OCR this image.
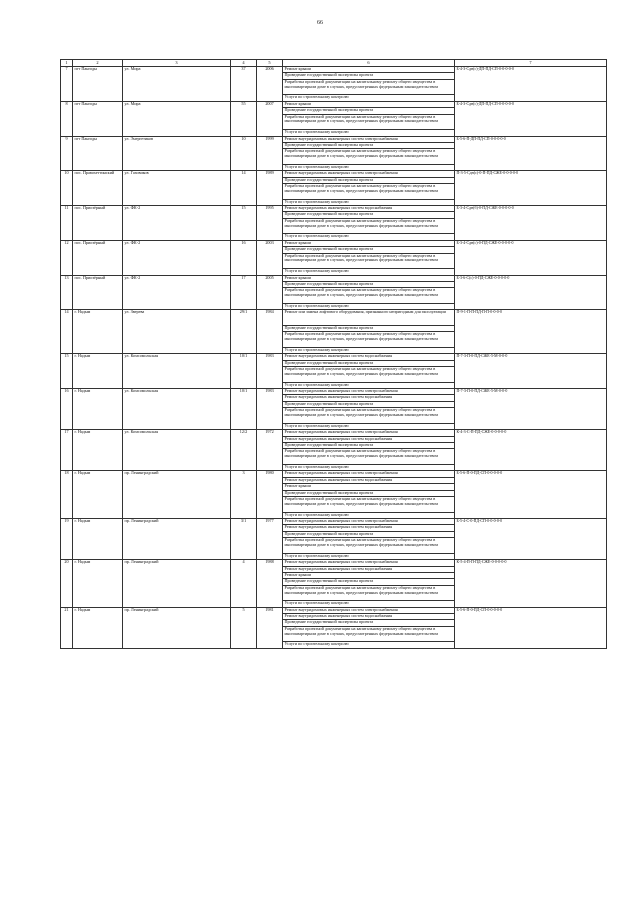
66
1	2	3	4	5	6	7
7	пгт Пангоды	ул. Мира	37	2006	Ремонт крыши	Б-4-3-Сдн(с)-ДП-ПД-СП-0-0-0-0-0
					Проведение государственной экспертизы проекта	
					Разработка проектной документации на капитальному ремонту общего имущества в многоквартирном доме в случаях, предусмотренных федеральным законодательством	
					Услуги по строительному контролю	
8	пгт Пангоды	ул. Мира	55	2007	Ремонт крыши	Б-4-3-Сдн(с)-ДП-ПД-СП-0-0-0-0-0
					Проведение государственной экспертизы проекта	
					Разработка проектной документации на капитальному ремонту общего имущества в многоквартирном доме в случаях, предусмотренных федеральным законодательством	
					Услуги по строительному контролю	
9	пгт Пангоды	ул. Энергетиков	10	1999	Ремонт внутридомовых инженерных систем электроснабжения	Б-5-6-П-ДП-ПД-СП-0-0-0-0-0
					Проведение государственной экспертизы проекта	
					Разработка проектной документации на капитальному ремонту общего имущества в многоквартирном доме в случаях, предусмотренных федеральным законодательством	
					Услуги по строительному контролю	
10	пос. Правохеттинский	ул. Газовиков	14	1989	Ремонт внутридомовых инженерных систем электроснабжения	П-3-5-Сдн(с)-0-П-ПД-СЖЕ-0-0-0-0-0
					Проведение государственной экспертизы проекта	
					Разработка проектной документации на капитальному ремонту общего имущества в многоквартирном доме в случаях, предусмотренных федеральным законодательством	
					Услуги по строительному контролю	
11	пос. Приозёрный	ул. ФК-2	15	1995	Ремонт внутридомовых инженерных систем водоснабжения	Б-3-4-Сдн(б)-0-ПД-СЖЕ-0-0-0-0-0
					Проведение государственной экспертизы проекта	
					Разработка проектной документации на капитальному ремонту общего имущества в многоквартирном доме в случаях, предусмотренных федеральным законодательством	
					Услуги по строительному контролю	
12	пос. Приозёрный	ул. ФК-2	16	2003	Ремонт крыши	Б-3-4-Сдн(с)-0-ПД-СЖЕ-0-0-0-0-0
					Проведение государственной экспертизы проекта	
					Разработка проектной документации на капитальному ремонту общего имущества в многоквартирном доме в случаях, предусмотренных федеральным законодательством	
					Услуги по строительному контролю	
13	пос. Приозёрный	ул. ФК-2	17	2005	Ремонт крыши	Б-3-6-С(с)-0-ПД-СЖЕ-0-0-0-0-0
					Проведение государственной экспертизы проекта	
					Разработка проектной документации на капитальному ремонту общего имущества в многоквартирном доме в случаях, предусмотренных федеральным законодательством	
					Услуги по строительному контролю	
14	г. Надым	ул. Зверева	29/1	1984	Ремонт или замена лифтового оборудования, признанного непригодным для эксплуатации	П-9-1-П-П-ПД-П-П-0-0-0-0
					Проведение государственной экспертизы проекта	
					Разработка проектной документации на капитальному ремонту общего имущества в многоквартирном доме в случаях, предусмотренных федеральным законодательством	
					Услуги по строительному контролю	
15	г. Надым	ул. Комсомольская	10/1	1983	Ремонт внутридомовых инженерных систем водоснабжения	П-7-3-П-0-ПД-СЖЕ-5-М-0-0-0
					Проведение государственной экспертизы проекта	
					Разработка проектной документации на капитальному ремонту общего имущества в многоквартирном доме в случаях, предусмотренных федеральным законодательством	
					Услуги по строительному контролю	
16	г. Надым	ул. Комсомольская	10/1	1983	Ремонт внутридомовых инженерных систем электроснабжения	П-7-3-П-0-ПД-СЖЕ-5-М-0-0-0
					Ремонт внутридомовых инженерных систем водоснабжения	
					Проведение государственной экспертизы проекта	
					Разработка проектной документации на капитальному ремонту общего имущества в многоквартирном доме в случаях, предусмотренных федеральным законодательством	
					Услуги по строительному контролю	
17	г. Надым	ул. Комсомольская	12/2	1972	Ремонт внутридомовых инженерных систем электроснабжения	К-4-3-С-П-ПД-СЖЕ-0-0-0-0-0
					Ремонт внутридомовых инженерных систем водоснабжения	
					Проведение государственной экспертизы проекта	
					Разработка проектной документации на капитальному ремонту общего имущества в многоквартирном доме в случаях, предусмотренных федеральным законодательством	
					Услуги по строительному контролю	
18	г. Надым	пр. Ленинградский	3	1980	Ремонт внутридомовых инженерных систем электроснабжения	Б-5-6-П-0-ПД-СП-0-0-0-0-0
					Ремонт внутридомовых инженерных систем водоснабжения	
					Ремонт крыши	
					Проведение государственной экспертизы проекта	
					Разработка проектной документации на капитальному ремонту общего имущества в многоквартирном доме в случаях, предусмотренных федеральным законодательством	
					Услуги по строительному контролю	
19	г. Надым	пр. Ленинградский	3/1	1977	Ремонт внутридомовых инженерных систем электроснабжения	Б-5-4-С-0-ПД-СП-0-0-0-0-0
					Ремонт внутридомовых инженерных систем водоснабжения	
					Проведение государственной экспертизы проекта	
					Разработка проектной документации на капитальному ремонту общего имущества в многоквартирном доме в случаях, предусмотренных федеральным законодательством	
					Услуги по строительному контролю	
20	г. Надым	пр. Ленинградский	4	1988	Ремонт внутридомовых инженерных систем электроснабжения	К-5-4-П-П-ПД-СЖЕ-0-0-0-0-0
					Ремонт внутридомовых инженерных систем водоснабжения	
					Ремонт крыши	
					Проведение государственной экспертизы проекта	
					Разработка проектной документации на капитальному ремонту общего имущества в многоквартирном доме в случаях, предусмотренных федеральным законодательством	
					Услуги по строительному контролю	
21	г. Надым	пр. Ленинградский	5	1981	Ремонт внутридомовых инженерных систем электроснабжения	Б-5-6-П-0-ПД-СП-0-0-0-0-0
					Ремонт внутридомовых инженерных систем водоснабжения	
					Проведение государственной экспертизы проекта	
					Разработка проектной документации на капитальному ремонту общего имущества в многоквартирном доме в случаях, предусмотренных федеральным законодательством	
					Услуги по строительному контролю	
